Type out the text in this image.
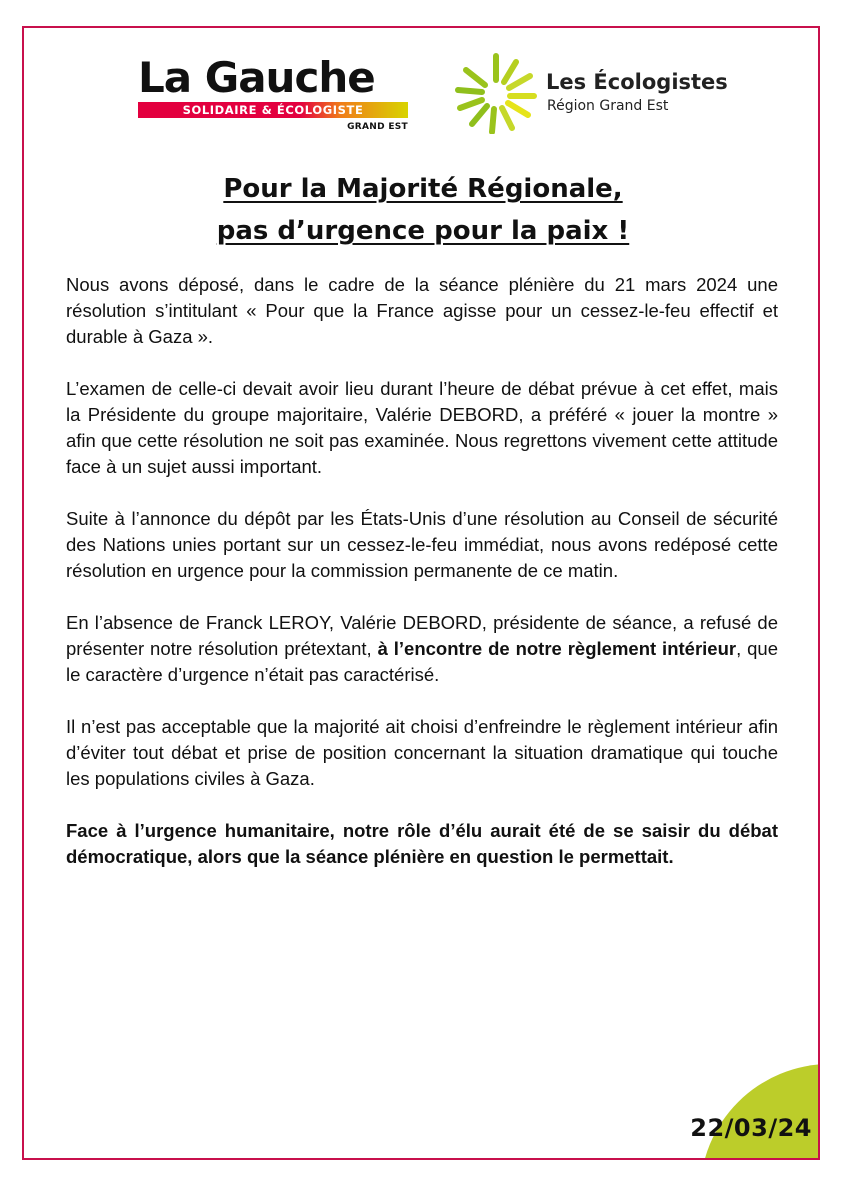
La Gauche
SOLIDAIRE & ÉCOLOGISTE
GRAND EST
Les Écologistes
Région Grand Est
Pour la Majorité Régionale,
pas d’urgence pour la paix !

Nous avons déposé, dans le cadre de la séance plénière du 21 mars 2024 une résolution s’intitulant « Pour que la France agisse pour un cessez-le-feu effectif et durable à Gaza ».

L’examen de celle-ci devait avoir lieu durant l’heure de débat prévue à cet effet, mais la Présidente du groupe majoritaire, Valérie DEBORD, a préféré « jouer la montre » afin que cette résolution ne soit pas examinée. Nous regrettons vivement cette attitude face à un sujet aussi important.

Suite à l’annonce du dépôt par les États-Unis d’une résolution au Conseil de sécurité des Nations unies portant sur un cessez-le-feu immédiat, nous avons redéposé cette résolution en urgence pour la commission permanente de ce matin.

En l’absence de Franck LEROY, Valérie DEBORD, présidente de séance, a refusé de présenter notre résolution prétextant, à l’encontre de notre règlement intérieur, que le caractère d’urgence n’était pas caractérisé.

Il n’est pas acceptable que la majorité ait choisi d’enfreindre le règlement intérieur afin d’éviter tout débat et prise de position concernant la situation dramatique qui touche les populations civiles à Gaza.

Face à l’urgence humanitaire, notre rôle d’élu aurait été de se saisir du débat démocratique, alors que la séance plénière en question le permettait.

22/03/24
